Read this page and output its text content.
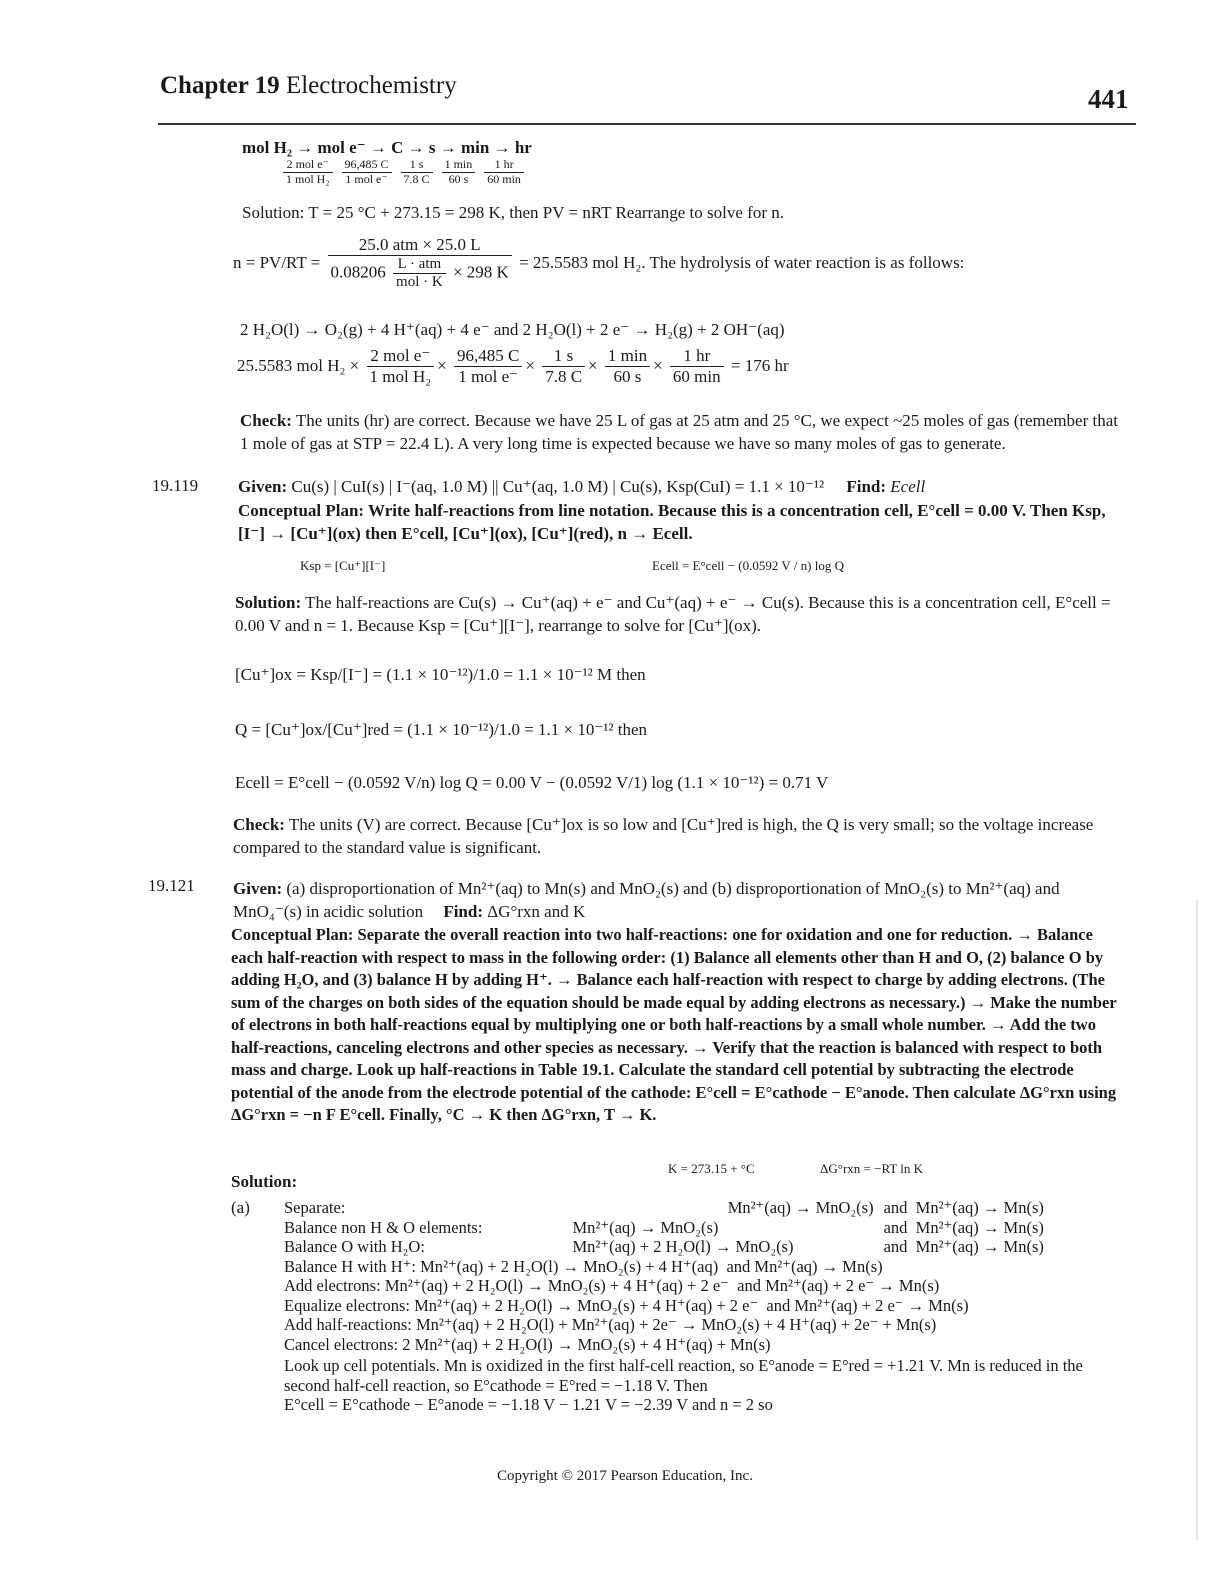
Chapter 19 Electrochemistry	441
mol H₂ → mol e⁻ → C → s → min → hr
$\frac{\text{2 mol e⁻}}{\text{1 mol H₂}}$
$\frac{96,485 C}{\text{1 mol e⁻}}$
$\frac{1 s}{7.8 C}$
$\frac{1 \min}{60 s}$
$\frac{1 hr}{60 \min}$
Solution: T = 25 °C + 273.15 = 298 K, then PV = nRT Rearrange to solve for n.
$n = PV/RT = \frac{\text{25.0 atm × 25.0 L}}{0.08206 \frac{\text{L · atm}}{\text{mol · K}} \times 298 K} = 25.5583$ mol H₂. The hydrolysis of water reaction is as follows:
2 H₂O(l) → O₂(g) + 4 H⁺(aq) + 4 e⁻ and 2 H₂O(l) + 2 e⁻ → H₂(g) + 2 OH⁻(aq)
25.5583 mol $H_2 \times \frac{\text{2 mol e⁻}}{\text{1 mol H₂}} \times \frac{96,485 C}{\text{1 mol e⁻}} \times \frac{1 s}{7.8 C} \times \frac{1 \min}{60 s} \times \frac{1 hr}{60 \min} = 176$ hr
Check: The units (hr) are correct. Because we have 25 L of gas at 25 atm and 25 °C, we expect ~25 moles of gas (remember that 1 mole of gas at STP = 22.4 L). A very long time is expected because we have so many moles of gas to generate.
19.119 Given: Cu(s) | CuI(s) | I⁻(aq, 1.0 M) || Cu⁺(aq, 1.0 M) | Cu(s), Ksp(CuI) = 1.1 × 10⁻¹² Find: Ecell
Conceptual Plan: Write half-reactions from line notation. Because this is a concentration cell, E°cell = 0.00 V. Then Ksp, [I⁻] → [Cu⁺](ox) then E°cell, [Cu⁺](ox), [Cu⁺](red), n → Ecell.
Ksp = [Cu⁺][I⁻]	Ecell = E°cell − (0.0592 V / n) log Q
Solution: The half-reactions are Cu(s) → Cu⁺(aq) + e⁻ and Cu⁺(aq) + e⁻ → Cu(s). Because this is a concentration cell, E°cell = 0.00 V and n = 1. Because Ksp = [Cu⁺][I⁻], rearrange to solve for [Cu⁺](ox).
[Cu⁺]ox = Ksp/[I⁻] = (1.1 × 10⁻¹²)/1.0 = 1.1 × 10⁻¹² M then
Q = [Cu⁺]ox/[Cu⁺]red = (1.1 × 10⁻¹²)/1.0 = 1.1 × 10⁻¹² then
Ecell = E°cell − (0.0592 V/n) log Q = 0.00 V − (0.0592 V/1) log (1.1 × 10⁻¹²) = 0.71 V
Check: The units (V) are correct. Because [Cu⁺]ox is so low and [Cu⁺]red is high, the Q is very small; so the voltage increase compared to the standard value is significant.
19.121 Given: (a) disproportionation of Mn²⁺(aq) to Mn(s) and MnO₂(s) and (b) disproportionation of MnO₂(s) to Mn²⁺(aq) and MnO₄⁻(s) in acidic solution Find: ΔG°rxn and K
Conceptual Plan: Separate the overall reaction into two half-reactions: one for oxidation and one for reduction. → Balance each half-reaction with respect to mass in the following order: (1) Balance all elements other than H and O, (2) balance O by adding H₂O, and (3) balance H by adding H⁺. → Balance each half-reaction with respect to charge by adding electrons. (The sum of the charges on both sides of the equation should be made equal by adding electrons as necessary.) → Make the number of electrons in both half-reactions equal by multiplying one or both half-reactions by a small whole number. → Add the two half-reactions, canceling electrons and other species as necessary. → Verify that the reaction is balanced with respect to both mass and charge. Look up half-reactions in Table 19.1. Calculate the standard cell potential by subtracting the electrode potential of the anode from the electrode potential of the cathode: E°cell = E°cathode − E°anode. Then calculate ΔG°rxn using ΔG°rxn = −n F E°cell. Finally, °C → K then ΔG°rxn, T → K.
K = 273.15 + °C	ΔG°rxn = −RT ln K
Solution:
(a) Separate:	Mn²⁺(aq) → MnO₂(s) and Mn²⁺(aq) → Mn(s)
Balance non H & O elements:	Mn²⁺(aq) → MnO₂(s)	and Mn²⁺(aq) → Mn(s)
Balance O with H₂O:	Mn²⁺(aq) + 2 H₂O(l) → MnO₂(s)	and Mn²⁺(aq) → Mn(s)
Balance H with H⁺: Mn²⁺(aq) + 2 H₂O(l) → MnO₂(s) + 4 H⁺(aq) and Mn²⁺(aq) → Mn(s)
Add electrons: Mn²⁺(aq) + 2 H₂O(l) → MnO₂(s) + 4 H⁺(aq) + 2 e⁻ and Mn²⁺(aq) + 2 e⁻ → Mn(s)
Equalize electrons: Mn²⁺(aq) + 2 H₂O(l) → MnO₂(s) + 4 H⁺(aq) + 2 e⁻ and Mn²⁺(aq) + 2 e⁻ → Mn(s)
Add half-reactions: Mn²⁺(aq) + 2 H₂O(l) + Mn²⁺(aq) + 2e⁻ → MnO₂(s) + 4 H⁺(aq) + 2e⁻ + Mn(s)
Cancel electrons: 2 Mn²⁺(aq) + 2 H₂O(l) → MnO₂(s) + 4 H⁺(aq) + Mn(s)
Look up cell potentials. Mn is oxidized in the first half-cell reaction, so E°anode = E°red = +1.21 V. Mn is reduced in the second half-cell reaction, so E°cathode = E°red = −1.18 V. Then
E°cell = E°cathode − E°anode = −1.18 V − 1.21 V = −2.39 V and n = 2 so
Copyright © 2017 Pearson Education, Inc.
